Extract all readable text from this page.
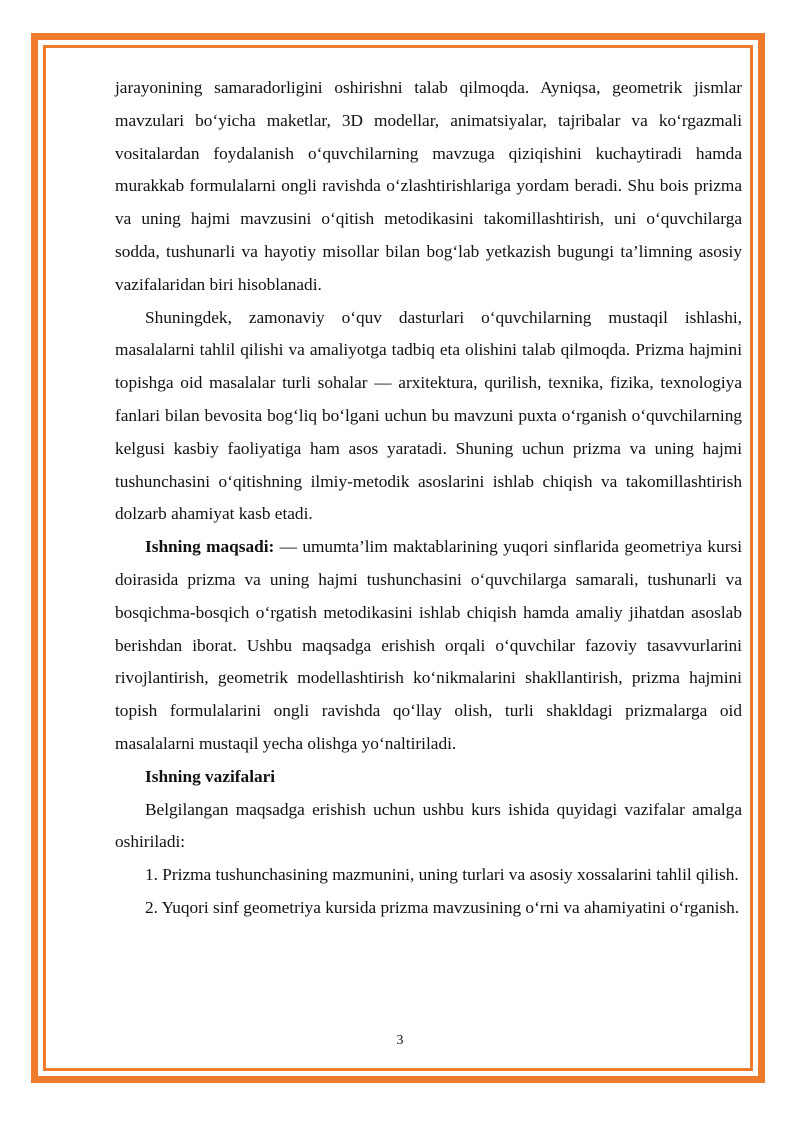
jarayonining samaradorligini oshirishni talab qilmoqda. Ayniqsa, geometrik jismlar mavzulari bo‘yicha maketlar, 3D modellar, animatsiyalar, tajribalar va ko‘rgazmali vositalardan foydalanish o‘quvchilarning mavzuga qiziqishini kuchaytiradi hamda murakkab formulalarni ongli ravishda o‘zlashtirishlariga yordam beradi. Shu bois prizma va uning hajmi mavzusini o‘qitish metodikasini takomillashtirish, uni o‘quvchilarga sodda, tushunarli va hayotiy misollar bilan bog‘lab yetkazish bugungi ta’limning asosiy vazifalaridan biri hisoblanadi.

Shuningdek, zamonaviy o‘quv dasturlari o‘quvchilarning mustaqil ishlashi, masalalarni tahlil qilishi va amaliyotga tadbiq eta olishini talab qilmoqda. Prizma hajmini topishga oid masalalar turli sohalar — arxitektura, qurilish, texnika, fizika, texnologiya fanlari bilan bevosita bog‘liq bo‘lgani uchun bu mavzuni puxta o‘rganish o‘quvchilarning kelgusi kasbiy faoliyatiga ham asos yaratadi. Shuning uchun prizma va uning hajmi tushunchasini o‘qitishning ilmiy-metodik asoslarini ishlab chiqish va takomillashtirish dolzarb ahamiyat kasb etadi.

Ishning maqsadi: — umumta’lim maktablarining yuqori sinflarida geometriya kursi doirasida prizma va uning hajmi tushunchasini o‘quvchilarga samarali, tushunarli va bosqichma-bosqich o‘rgatish metodikasini ishlab chiqish hamda amaliy jihatdan asoslab berishdan iborat. Ushbu maqsadga erishish orqali o‘quvchilar fazoviy tasavvurlarini rivojlantirish, geometrik modellashtirish ko‘nikmalarini shakllantirish, prizma hajmini topish formulalarini ongli ravishda qo‘llay olish, turli shakldagi prizmalarga oid masalalarni mustaqil yecha olishga yo‘naltiriladi.

Ishning vazifalari

Belgilangan maqsadga erishish uchun ushbu kurs ishida quyidagi vazifalar amalga oshiriladi:

1. Prizma tushunchasining mazmunini, uning turlari va asosiy xossalarini tahlil qilish.

2. Yuqori sinf geometriya kursida prizma mavzusining o‘rni va ahamiyatini o‘rganish.

3
